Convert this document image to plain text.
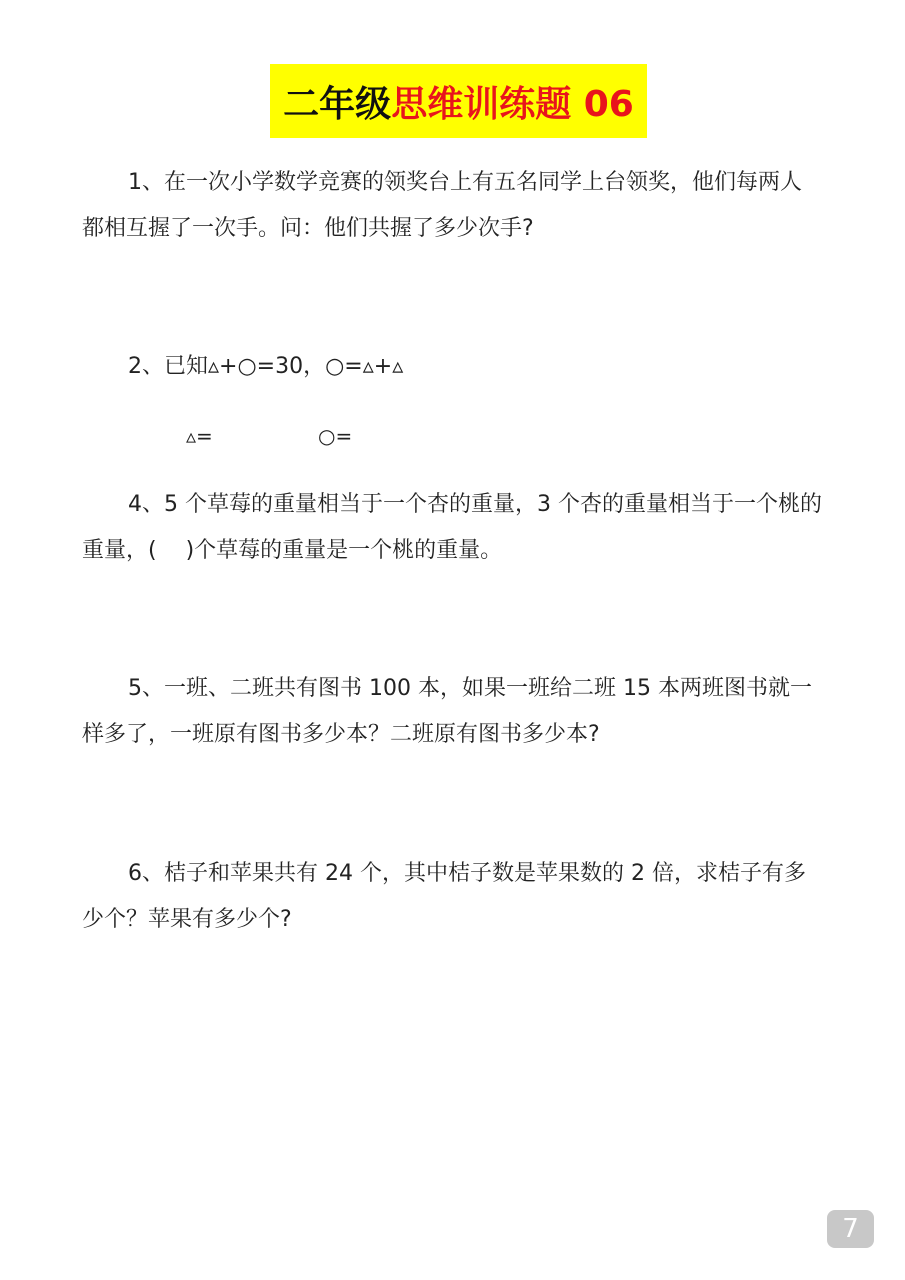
二年级 思维训练题 06

1、在一次小学数学竞赛的领奖台上有五名同学上台领奖，他们每两人都相互握了一次手。问：他们共握了多少次手?

2、已知▵+○=30，○=▵+▵

▵=	○=

4、5 个草莓的重量相当于一个杏的重量，3 个杏的重量相当于一个桃的重量，(　 )个草莓的重量是一个桃的重量。

5、一班、二班共有图书 100 本，如果一班给二班 15 本两班图书就一样多了，一班原有图书多少本？二班原有图书多少本?

6、桔子和苹果共有 24 个，其中桔子数是苹果数的 2 倍，求桔子有多少个？苹果有多少个?

7
